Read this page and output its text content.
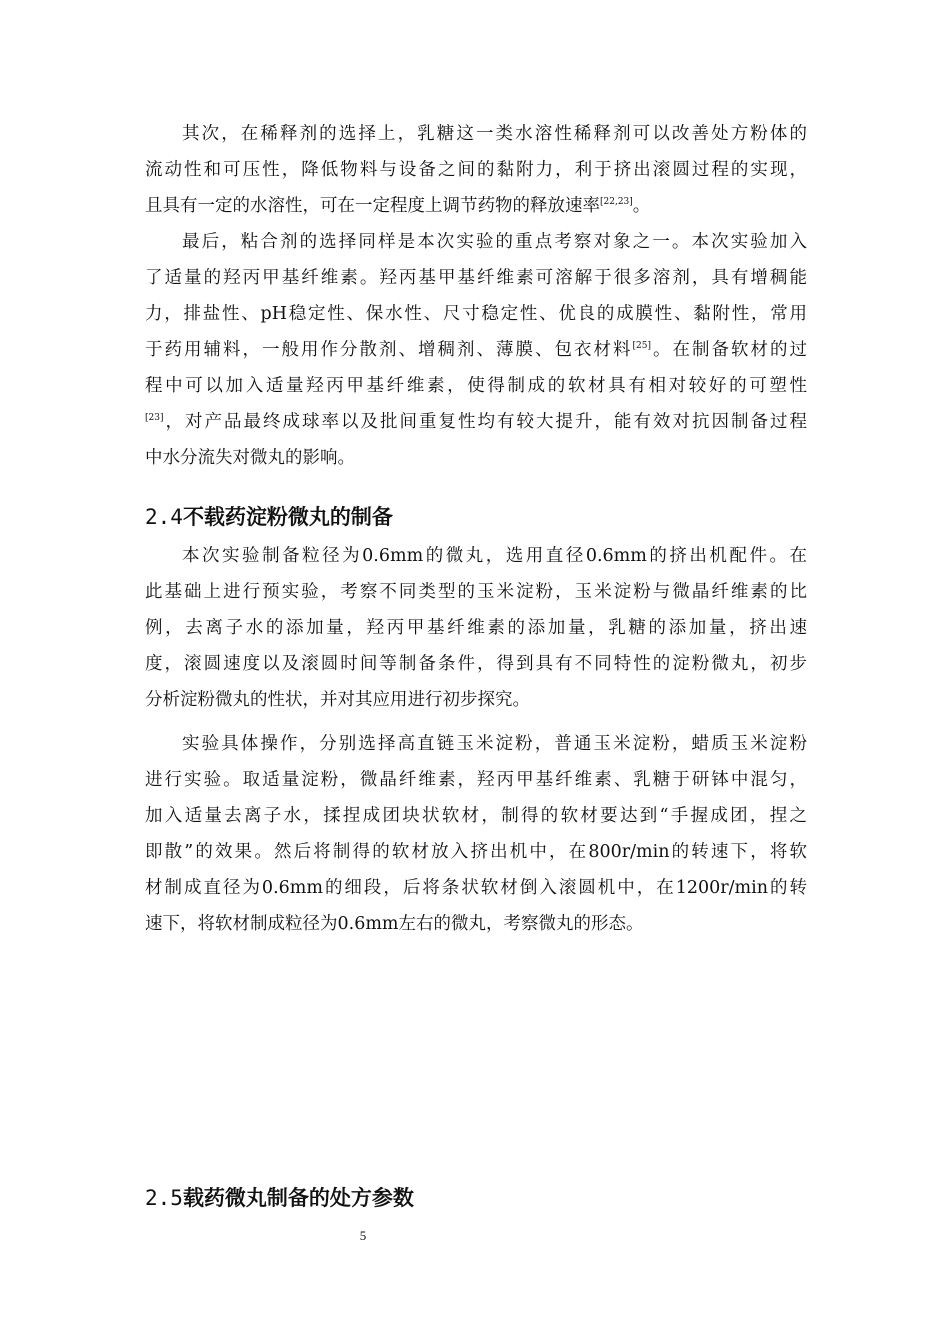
其次，在稀释剂的选择上，乳糖这一类水溶性稀释剂可以改善处方粉体的
流动性和可压性，降低物料与设备之间的黏附力，利于挤出滚圆过程的实现，
且具有一定的水溶性，可在一定程度上调节药物的释放速率[22,23]。
最后，粘合剂的选择同样是本次实验的重点考察对象之一。本次实验加入
了适量的羟丙甲基纤维素。羟丙基甲基纤维素可溶解于很多溶剂，具有增稠能
力，排盐性、pH稳定性、保水性、尺寸稳定性、优良的成膜性、黏附性，常用
于药用辅料，一般用作分散剂、增稠剂、薄膜、包衣材料[25]。在制备软材的过
程中可以加入适量羟丙甲基纤维素，使得制成的软材具有相对较好的可塑性
[23]，对产品最终成球率以及批间重复性均有较大提升，能有效对抗因制备过程
中水分流失对微丸的影响。
2.4不载药淀粉微丸的制备
本次实验制备粒径为0.6mm的微丸，选用直径0.6mm的挤出机配件。在
此基础上进行预实验，考察不同类型的玉米淀粉，玉米淀粉与微晶纤维素的比
例，去离子水的添加量，羟丙甲基纤维素的添加量，乳糖的添加量，挤出速
度，滚圆速度以及滚圆时间等制备条件，得到具有不同特性的淀粉微丸，初步
分析淀粉微丸的性状，并对其应用进行初步探究。
实验具体操作，分别选择高直链玉米淀粉，普通玉米淀粉，蜡质玉米淀粉
进行实验。取适量淀粉，微晶纤维素，羟丙甲基纤维素、乳糖于研钵中混匀，
加入适量去离子水，揉捏成团块状软材，制得的软材要达到“手握成团，捏之
即散”的效果。然后将制得的软材放入挤出机中，在800r/min的转速下，将软
材制成直径为0.6mm的细段，后将条状软材倒入滚圆机中，在1200r/min的转
速下，将软材制成粒径为0.6mm左右的微丸，考察微丸的形态。
2.5载药微丸制备的处方参数
5
